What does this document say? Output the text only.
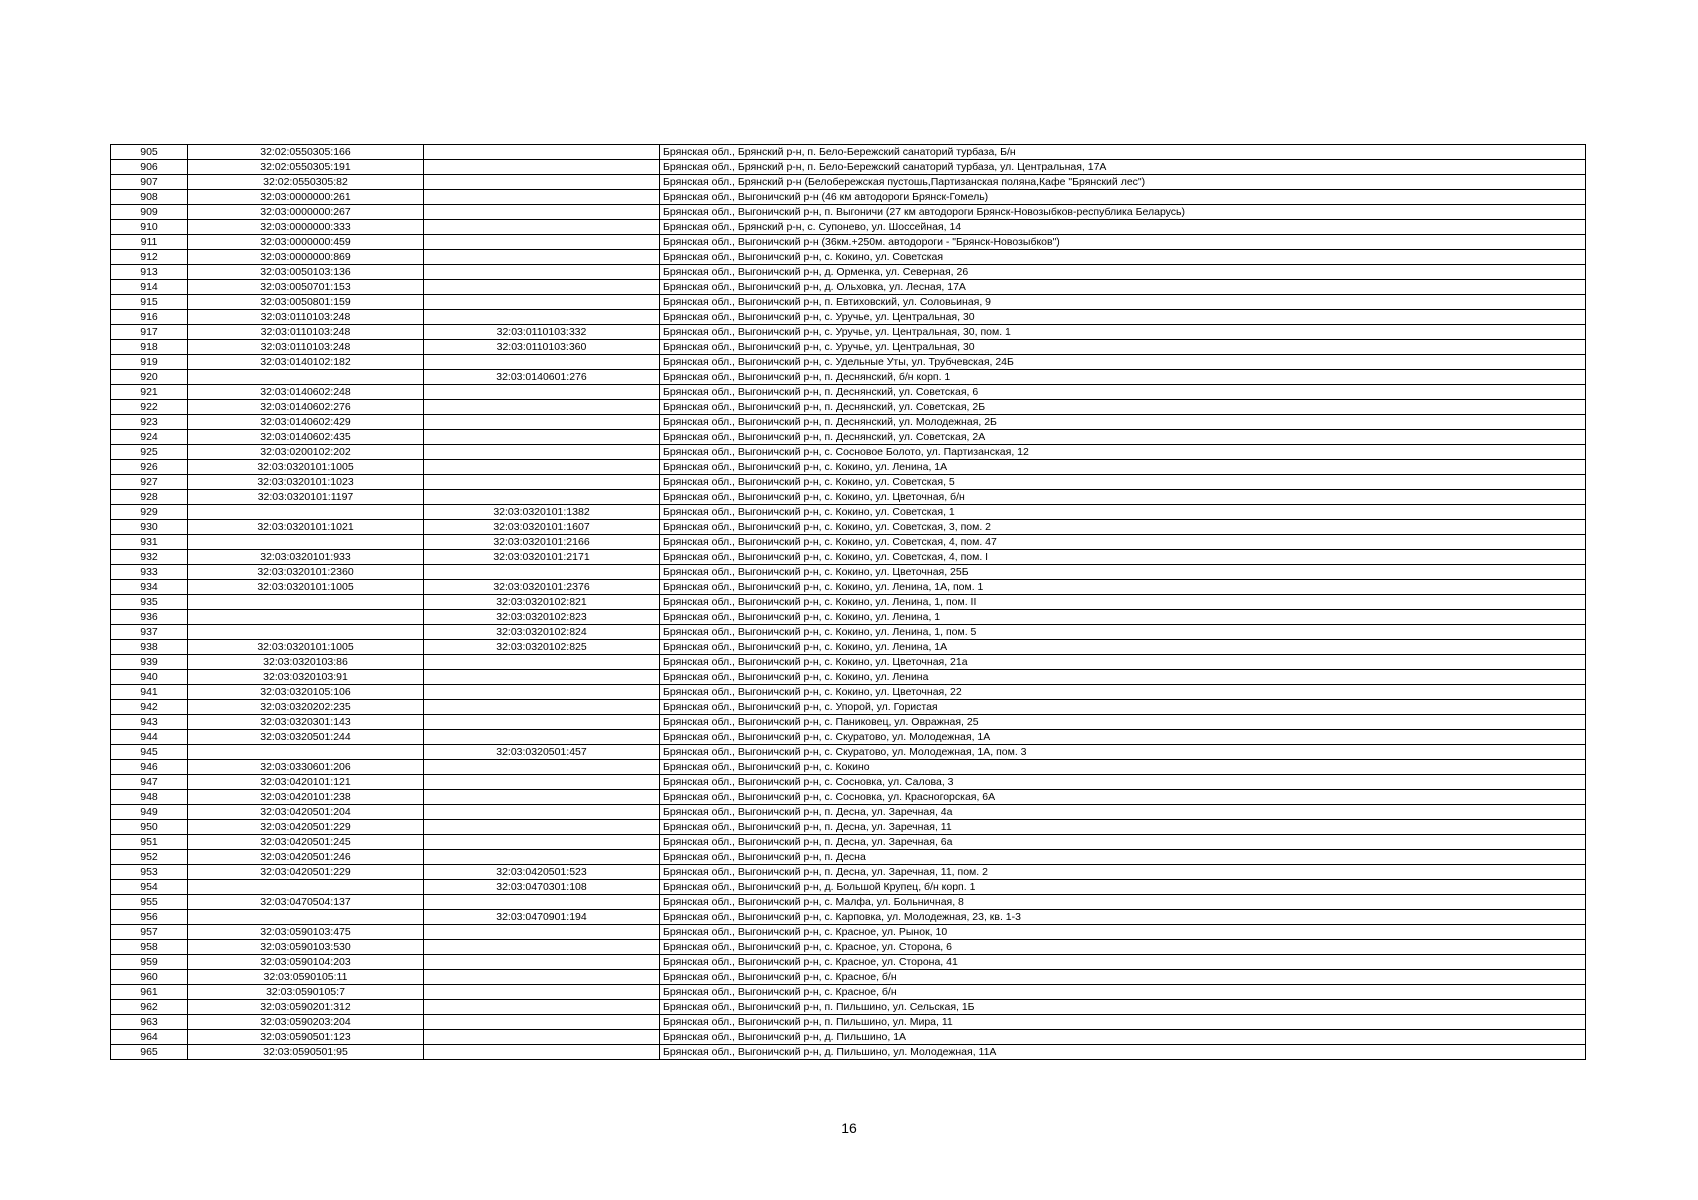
905	32:02:0550305:166		Брянская обл., Брянский р-н, п. Бело-Бережский санаторий турбаза, Б/н
906	32:02:0550305:191		Брянская обл., Брянский р-н, п. Бело-Бережский санаторий турбаза, ул. Центральная, 17А
907	32:02:0550305:82		Брянская обл., Брянский р-н (Белобережская пустошь,Партизанская поляна,Кафе "Брянский лес")
908	32:03:0000000:261		Брянская обл., Выгоничский р-н (46 км автодороги Брянск-Гомель)
909	32:03:0000000:267		Брянская обл., Выгоничский р-н, п. Выгоничи (27 км автодороги Брянск-Новозыбков-республика Беларусь)
910	32:03:0000000:333		Брянская обл., Брянский р-н, с. Супонево, ул. Шоссейная, 14
911	32:03:0000000:459		Брянская обл., Выгоничский р-н (36км.+250м. автодороги - "Брянск-Новозыбков")
912	32:03:0000000:869		Брянская обл., Выгоничский р-н, с. Кокино, ул. Советская
913	32:03:0050103:136		Брянская обл., Выгоничский р-н, д. Орменка, ул. Северная, 26
914	32:03:0050701:153		Брянская обл., Выгоничский р-н, д. Ольховка, ул. Лесная, 17А
915	32:03:0050801:159		Брянская обл., Выгоничский р-н, п. Евтиховский, ул. Соловьиная, 9
916	32:03:0110103:248		Брянская обл., Выгоничский р-н, с. Уручье, ул. Центральная, 30
917	32:03:0110103:248	32:03:0110103:332	Брянская обл., Выгоничский р-н, с. Уручье, ул. Центральная, 30, пом. 1
918	32:03:0110103:248	32:03:0110103:360	Брянская обл., Выгоничский р-н, с. Уручье, ул. Центральная, 30
919	32:03:0140102:182		Брянская обл., Выгоничский р-н, с. Удельные Уты, ул. Трубчевская, 24Б
920		32:03:0140601:276	Брянская обл., Выгоничский р-н, п. Деснянский, б/н корп. 1
921	32:03:0140602:248		Брянская обл., Выгоничский р-н, п. Деснянский, ул. Советская, 6
922	32:03:0140602:276		Брянская обл., Выгоничский р-н, п. Деснянский, ул. Советская, 2Б
923	32:03:0140602:429		Брянская обл., Выгоничский р-н, п. Деснянский, ул. Молодежная, 2Б
924	32:03:0140602:435		Брянская обл., Выгоничский р-н, п. Деснянский, ул. Советская, 2А
925	32:03:0200102:202		Брянская обл., Выгоничский р-н, с. Сосновое Болото, ул. Партизанская, 12
926	32:03:0320101:1005		Брянская обл., Выгоничский р-н, с. Кокино, ул. Ленина, 1А
927	32:03:0320101:1023		Брянская обл., Выгоничский р-н, с. Кокино, ул. Советская, 5
928	32:03:0320101:1197		Брянская обл., Выгоничский р-н, с. Кокино, ул. Цветочная, б/н
929		32:03:0320101:1382	Брянская обл., Выгоничский р-н, с. Кокино, ул. Советская, 1
930	32:03:0320101:1021	32:03:0320101:1607	Брянская обл., Выгоничский р-н, с. Кокино, ул. Советская, 3, пом. 2
931		32:03:0320101:2166	Брянская обл., Выгоничский р-н, с. Кокино, ул. Советская, 4, пом. 47
932	32:03:0320101:933	32:03:0320101:2171	Брянская обл., Выгоничский р-н, с. Кокино, ул. Советская, 4, пом. I
933	32:03:0320101:2360		Брянская обл., Выгоничский р-н, с. Кокино, ул. Цветочная, 25Б
934	32:03:0320101:1005	32:03:0320101:2376	Брянская обл., Выгоничский р-н, с. Кокино, ул. Ленина, 1А, пом. 1
935		32:03:0320102:821	Брянская обл., Выгоничский р-н, с. Кокино, ул. Ленина, 1, пом. II
936		32:03:0320102:823	Брянская обл., Выгоничский р-н, с. Кокино, ул. Ленина, 1
937		32:03:0320102:824	Брянская обл., Выгоничский р-н, с. Кокино, ул. Ленина, 1, пом. 5
938	32:03:0320101:1005	32:03:0320102:825	Брянская обл., Выгоничский р-н, с. Кокино, ул. Ленина, 1А
939	32:03:0320103:86		Брянская обл., Выгоничский р-н, с. Кокино, ул. Цветочная, 21а
940	32:03:0320103:91		Брянская обл., Выгоничский р-н, с. Кокино, ул. Ленина
941	32:03:0320105:106		Брянская обл., Выгоничский р-н, с. Кокино, ул. Цветочная, 22
942	32:03:0320202:235		Брянская обл., Выгоничский р-н, с. Упорой, ул. Гористая
943	32:03:0320301:143		Брянская обл., Выгоничский р-н, с. Паниковец, ул. Овражная, 25
944	32:03:0320501:244		Брянская обл., Выгоничский р-н, с. Скуратово, ул. Молодежная, 1А
945		32:03:0320501:457	Брянская обл., Выгоничский р-н, с. Скуратово, ул. Молодежная, 1А, пом. 3
946	32:03:0330601:206		Брянская обл., Выгоничский р-н, с. Кокино
947	32:03:0420101:121		Брянская обл., Выгоничский р-н, с. Сосновка, ул. Салова, 3
948	32:03:0420101:238		Брянская обл., Выгоничский р-н, с. Сосновка, ул. Красногорская, 6А
949	32:03:0420501:204		Брянская обл., Выгоничский р-н, п. Десна, ул. Заречная, 4а
950	32:03:0420501:229		Брянская обл., Выгоничский р-н, п. Десна, ул. Заречная, 11
951	32:03:0420501:245		Брянская обл., Выгоничский р-н, п. Десна, ул. Заречная, 6а
952	32:03:0420501:246		Брянская обл., Выгоничский р-н, п. Десна
953	32:03:0420501:229	32:03:0420501:523	Брянская обл., Выгоничский р-н, п. Десна, ул. Заречная, 11, пом. 2
954		32:03:0470301:108	Брянская обл., Выгоничский р-н, д. Большой Крупец, б/н корп. 1
955	32:03:0470504:137		Брянская обл., Выгоничский р-н, с. Малфа, ул. Больничная, 8
956		32:03:0470901:194	Брянская обл., Выгоничский р-н, с. Карповка, ул. Молодежная, 23, кв. 1-3
957	32:03:0590103:475		Брянская обл., Выгоничский р-н, с. Красное, ул. Рынок, 10
958	32:03:0590103:530		Брянская обл., Выгоничский р-н, с. Красное, ул. Сторона, 6
959	32:03:0590104:203		Брянская обл., Выгоничский р-н, с. Красное, ул. Сторона, 41
960	32:03:0590105:11		Брянская обл., Выгоничский р-н, с. Красное, б/н
961	32:03:0590105:7		Брянская обл., Выгоничский р-н, с. Красное, б/н
962	32:03:0590201:312		Брянская обл., Выгоничский р-н, п. Пильшино, ул. Сельская, 1Б
963	32:03:0590203:204		Брянская обл., Выгоничский р-н, п. Пильшино, ул. Мира, 11
964	32:03:0590501:123		Брянская обл., Выгоничский р-н, д. Пильшино, 1А
965	32:03:0590501:95		Брянская обл., Выгоничский р-н, д. Пильшино, ул. Молодежная, 11А
16
